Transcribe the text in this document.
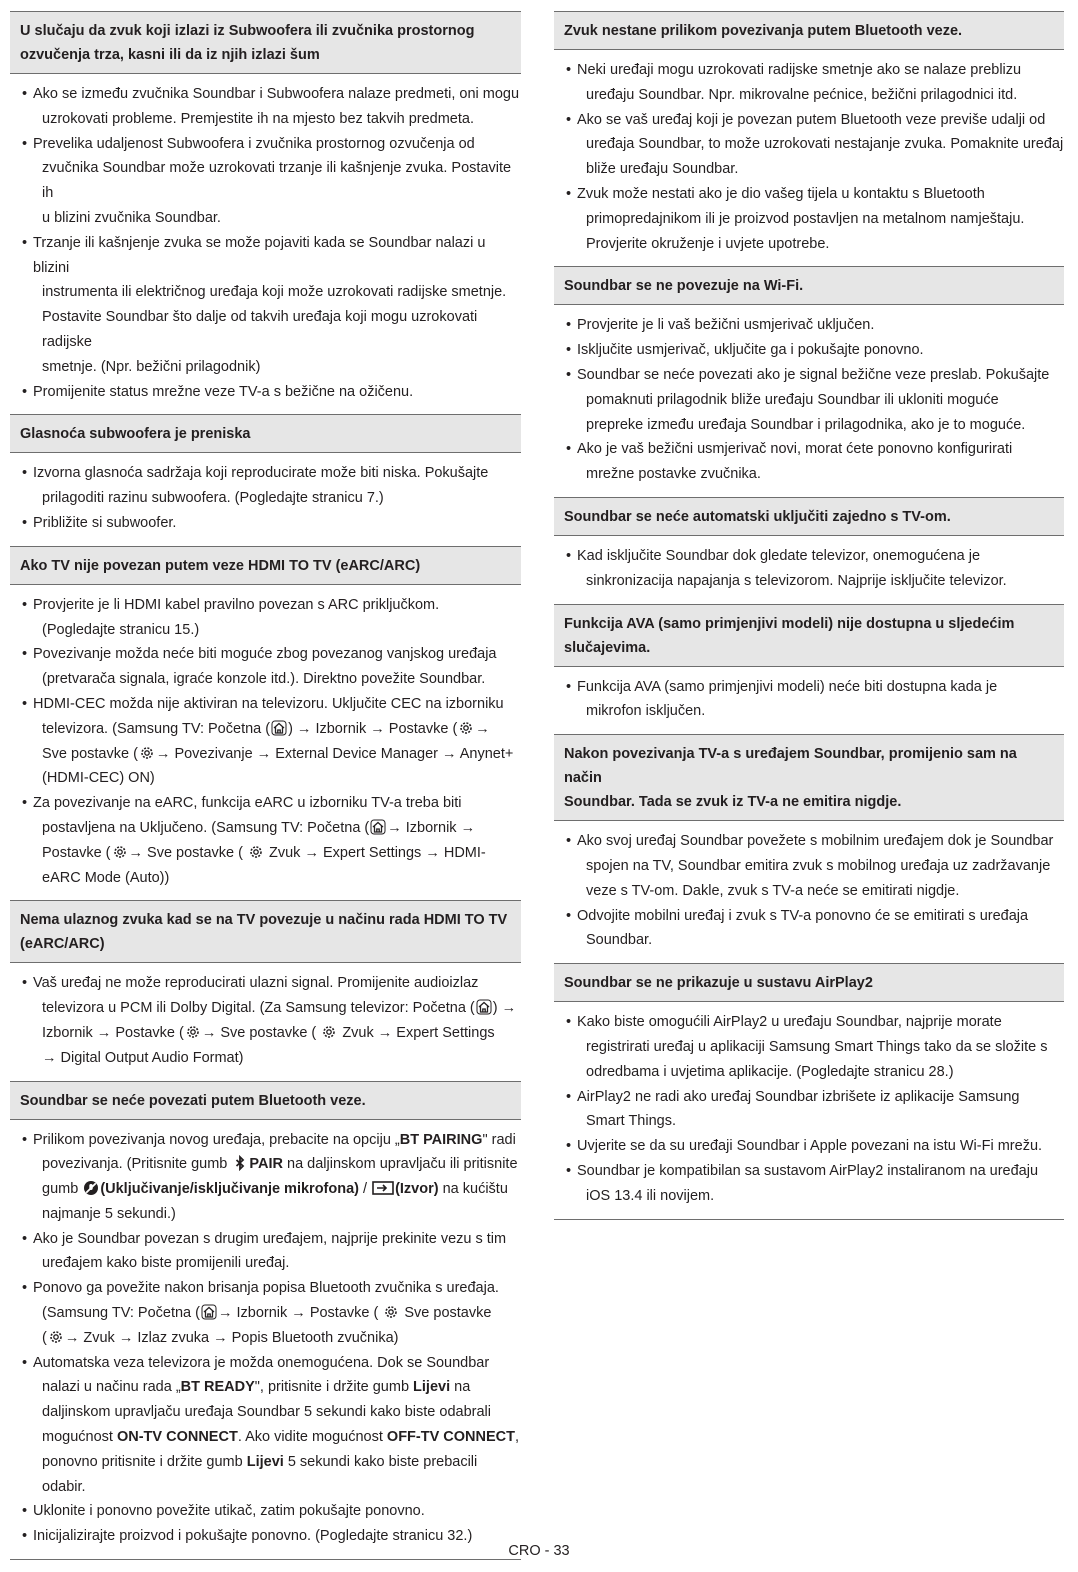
U slučaju da zvuk koji izlazi iz Subwoofera ili zvučnika prostornog
ozvučenja trza, kasni ili da iz njih izlazi šum
• Ako se između zvučnika Soundbar i Subwoofera nalaze predmeti, oni mogu
uzrokovati probleme. Premjestite ih na mjesto bez takvih predmeta.
• Prevelika udaljenost Subwoofera i zvučnika prostornog ozvučenja od
zvučnika Soundbar može uzrokovati trzanje ili kašnjenje zvuka. Postavite ih
u blizini zvučnika Soundbar.
• Trzanje ili kašnjenje zvuka se može pojaviti kada se Soundbar nalazi u blizini
instrumenta ili električnog uređaja koji može uzrokovati radijske smetnje.
Postavite Soundbar što dalje od takvih uređaja koji mogu uzrokovati radijske
smetnje. (Npr. bežični prilagodnik)
• Promijenite status mrežne veze TV-a s bežične na ožičenu.
Glasnoća subwoofera je preniska
• Izvorna glasnoća sadržaja koji reproducirate može biti niska. Pokušajte
prilagoditi razinu subwoofera. (Pogledajte stranicu 7.)
• Približite si subwoofer.
Ako TV nije povezan putem veze HDMI TO TV (eARC/ARC)
• Provjerite je li HDMI kabel pravilno povezan s ARC priključkom.
(Pogledajte stranicu 15.)
• Povezivanje možda neće biti moguće zbog povezanog vanjskog uređaja
(pretvarača signala, igraće konzole itd.). Direktno povežite Soundbar.
• HDMI-CEC možda nije aktiviran na televizoru. Uključite CEC na izborniku
televizora. (Samsung TV: Početna ( ) → Izbornik → Postavke ( →
Sve postavke ( → Povezivanje → External Device Manager → Anynet+
(HDMI-CEC) ON)
• Za povezivanje na eARC, funkcija eARC u izborniku TV-a treba biti
postavljena na Uključeno. (Samsung TV: Početna ( → Izbornik →
Postavke ( → Sve postavke (
Zvuk → Expert Settings → HDMI-
eARC Mode (Auto))
Nema ulaznog zvuka kad se na TV povezuje u načinu rada HDMI TO TV
(eARC/ARC)
• Vaš uređaj ne može reproducirati ulazni signal. Promijenite audioizlaz
televizora u PCM ili Dolby Digital. (Za Samsung televizor: Početna ( ) →
Izbornik → Postavke ( → Sve postavke (
Zvuk → Expert Settings
→ Digital Output Audio Format)
Soundbar se neće povezati putem Bluetooth veze.
• Prilikom povezivanja novog uređaja, prebacite na opciju „BT PAIRING" radi
povezivanja. (Pritisnite gumb
PAIR na daljinskom upravljaču ili pritisnite
gumb
(Uključivanje/isključivanje mikrofona) /
(Izvor) na kućištu
najmanje 5 sekundi.)
• Ako je Soundbar povezan s drugim uređajem, najprije prekinite vezu s tim
uređajem kako biste promijenili uređaj.
• Ponovo ga povežite nakon brisanja popisa Bluetooth zvučnika s uređaja.
(Samsung TV: Početna ( → Izbornik → Postavke (
Sve postavke
( → Zvuk → Izlaz zvuka → Popis Bluetooth zvučnika)
• Automatska veza televizora je možda onemogućena. Dok se Soundbar
nalazi u načinu rada „BT READY", pritisnite i držite gumb Lijevi na
daljinskom upravljaču uređaja Soundbar 5 sekundi kako biste odabrali
mogućnost ON-TV CONNECT. Ako vidite mogućnost OFF-TV CONNECT,
ponovno pritisnite i držite gumb Lijevi 5 sekundi kako biste prebacili
odabir.
• Uklonite i ponovno povežite utikač, zatim pokušajte ponovno.
• Inicijalizirajte proizvod i pokušajte ponovno. (Pogledajte stranicu 32.)
Zvuk nestane prilikom povezivanja putem Bluetooth veze.
• Neki uređaji mogu uzrokovati radijske smetnje ako se nalaze preblizu
uređaju Soundbar. Npr. mikrovalne pećnice, bežični prilagodnici itd.
• Ako se vaš uređaj koji je povezan putem Bluetooth veze previše udalji od
uređaja Soundbar, to može uzrokovati nestajanje zvuka. Pomaknite uređaj
bliže uređaju Soundbar.
• Zvuk može nestati ako je dio vašeg tijela u kontaktu s Bluetooth
primopredajnikom ili je proizvod postavljen na metalnom namještaju.
Provjerite okruženje i uvjete upotrebe.
Soundbar se ne povezuje na Wi-Fi.
• Provjerite je li vaš bežični usmjerivač uključen.
• Isključite usmjerivač, uključite ga i pokušajte ponovno.
• Soundbar se neće povezati ako je signal bežične veze preslab. Pokušajte
pomaknuti prilagodnik bliže uređaju Soundbar ili ukloniti moguće
prepreke između uređaja Soundbar i prilagodnika, ako je to moguće.
• Ako je vaš bežični usmjerivač novi, morat ćete ponovno konfigurirati
mrežne postavke zvučnika.
Soundbar se neće automatski uključiti zajedno s TV-om.
• Kad isključite Soundbar dok gledate televizor, onemogućena je
sinkronizacija napajanja s televizorom. Najprije isključite televizor.
Funkcija AVA (samo primjenjivi modeli) nije dostupna u sljedećim
slučajevima.
• Funkcija AVA (samo primjenjivi modeli) neće biti dostupna kada je
mikrofon isključen.
Nakon povezivanja TV-a s uređajem Soundbar, promijenio sam na način
Soundbar. Tada se zvuk iz TV-a ne emitira nigdje.
• Ako svoj uređaj Soundbar povežete s mobilnim uređajem dok je Soundbar
spojen na TV, Soundbar emitira zvuk s mobilnog uređaja uz zadržavanje
veze s TV-om. Dakle, zvuk s TV-a neće se emitirati nigdje.
• Odvojite mobilni uređaj i zvuk s TV-a ponovno će se emitirati s uređaja
Soundbar.
Soundbar se ne prikazuje u sustavu AirPlay2
• Kako biste omogućili AirPlay2 u uređaju Soundbar, najprije morate
registrirati uređaj u aplikaciji Samsung Smart Things tako da se složite s
odredbama i uvjetima aplikacije. (Pogledajte stranicu 28.)
• AirPlay2 ne radi ako uređaj Soundbar izbrišete iz aplikacije Samsung
Smart Things.
• Uvjerite se da su uređaji Soundbar i Apple povezani na istu Wi-Fi mrežu.
• Soundbar je kompatibilan sa sustavom AirPlay2 instaliranom na uređaju
iOS 13.4 ili novijem.
CRO - 33
